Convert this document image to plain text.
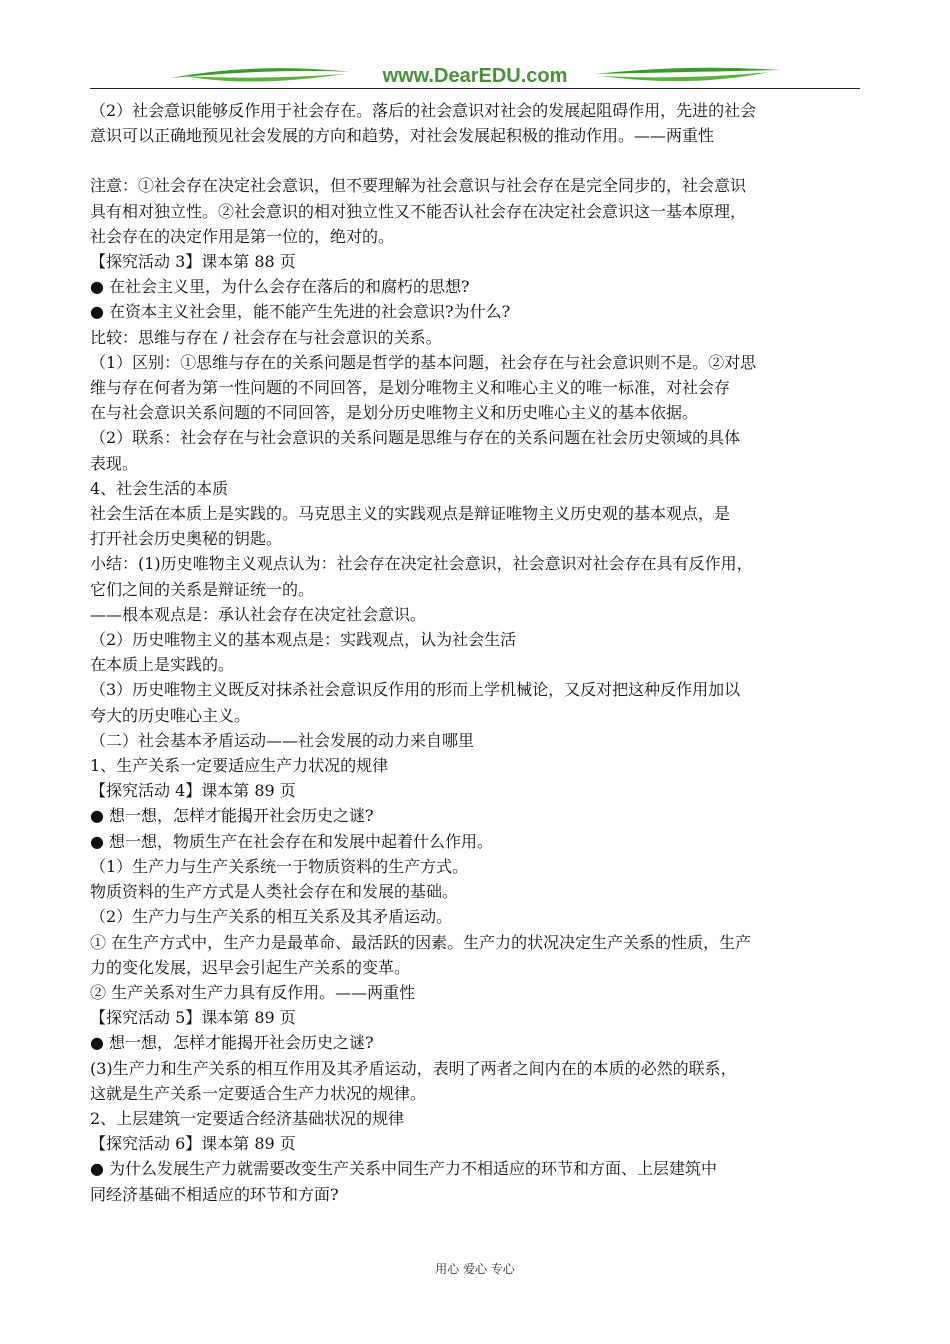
www.DearEDU.com

（2）社会意识能够反作用于社会存在。落后的社会意识对社会的发展起阻碍作用，先进的社会

意识可以正确地预见社会发展的方向和趋势，对社会发展起积极的推动作用。——两重性

注意：①社会存在决定社会意识，但不要理解为社会意识与社会存在是完全同步的，社会意识

具有相对独立性。②社会意识的相对独立性又不能否认社会存在决定社会意识这一基本原理，

社会存在的决定作用是第一位的，绝对的。

【探究活动 3】课本第 88 页

● 在社会主义里，为什么会存在落后的和腐朽的思想?

● 在资本主义社会里，能不能产生先进的社会意识?为什么?

比较：思维与存在 / 社会存在与社会意识的关系。

（1）区别：①思维与存在的关系问题是哲学的基本问题，社会存在与社会意识则不是。②对思

维与存在何者为第一性问题的不同回答，是划分唯物主义和唯心主义的唯一标准，对社会存

在与社会意识关系问题的不同回答，是划分历史唯物主义和历史唯心主义的基本依据。

（2）联系：社会存在与社会意识的关系问题是思维与存在的关系问题在社会历史领域的具体

表现。

4、社会生活的本质

社会生活在本质上是实践的。马克思主义的实践观点是辩证唯物主义历史观的基本观点，是

打开社会历史奥秘的钥匙。

小结：(1)历史唯物主义观点认为：社会存在决定社会意识，社会意识对社会存在具有反作用，

它们之间的关系是辩证统一的。

——根本观点是：承认社会存在决定社会意识。

（2）历史唯物主义的基本观点是：实践观点，认为社会生活

在本质上是实践的。

（3）历史唯物主义既反对抹杀社会意识反作用的形而上学机械论，又反对把这种反作用加以

夸大的历史唯心主义。

（二）社会基本矛盾运动——社会发展的动力来自哪里

1、生产关系一定要适应生产力状况的规律

【探究活动 4】课本第 89 页

● 想一想，怎样才能揭开社会历史之谜?

● 想一想，物质生产在社会存在和发展中起着什么作用。

（1）生产力与生产关系统一于物质资料的生产方式。

物质资料的生产方式是人类社会存在和发展的基础。

（2）生产力与生产关系的相互关系及其矛盾运动。

① 在生产方式中，生产力是最革命、最活跃的因素。生产力的状况决定生产关系的性质，生产

力的变化发展，迟早会引起生产关系的变革。

② 生产关系对生产力具有反作用。——两重性

【探究活动 5】课本第 89 页

● 想一想，怎样才能揭开社会历史之谜?

(3)生产力和生产关系的相互作用及其矛盾运动，表明了两者之间内在的本质的必然的联系，

这就是生产关系一定要适合生产力状况的规律。

2、上层建筑一定要适合经济基础状况的规律

【探究活动 6】课本第 89 页

● 为什么发展生产力就需要改变生产关系中同生产力不相适应的环节和方面、上层建筑中

同经济基础不相适应的环节和方面?

用心 爱心 专心
